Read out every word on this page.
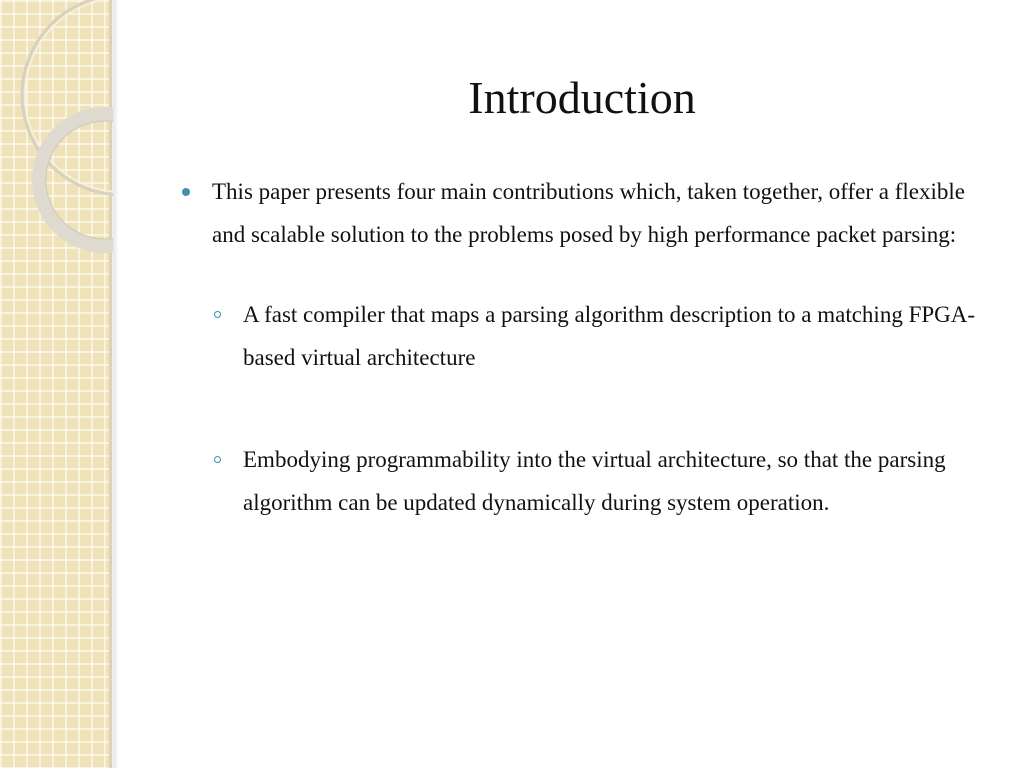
Introduction
This paper presents four main contributions which, taken together, offer a flexible and scalable solution to the problems posed by high performance packet parsing:
A fast compiler that maps a parsing algorithm description to a matching FPGA-based virtual architecture
Embodying programmability into the virtual architecture, so that the parsing algorithm can be updated dynamically during system operation.
